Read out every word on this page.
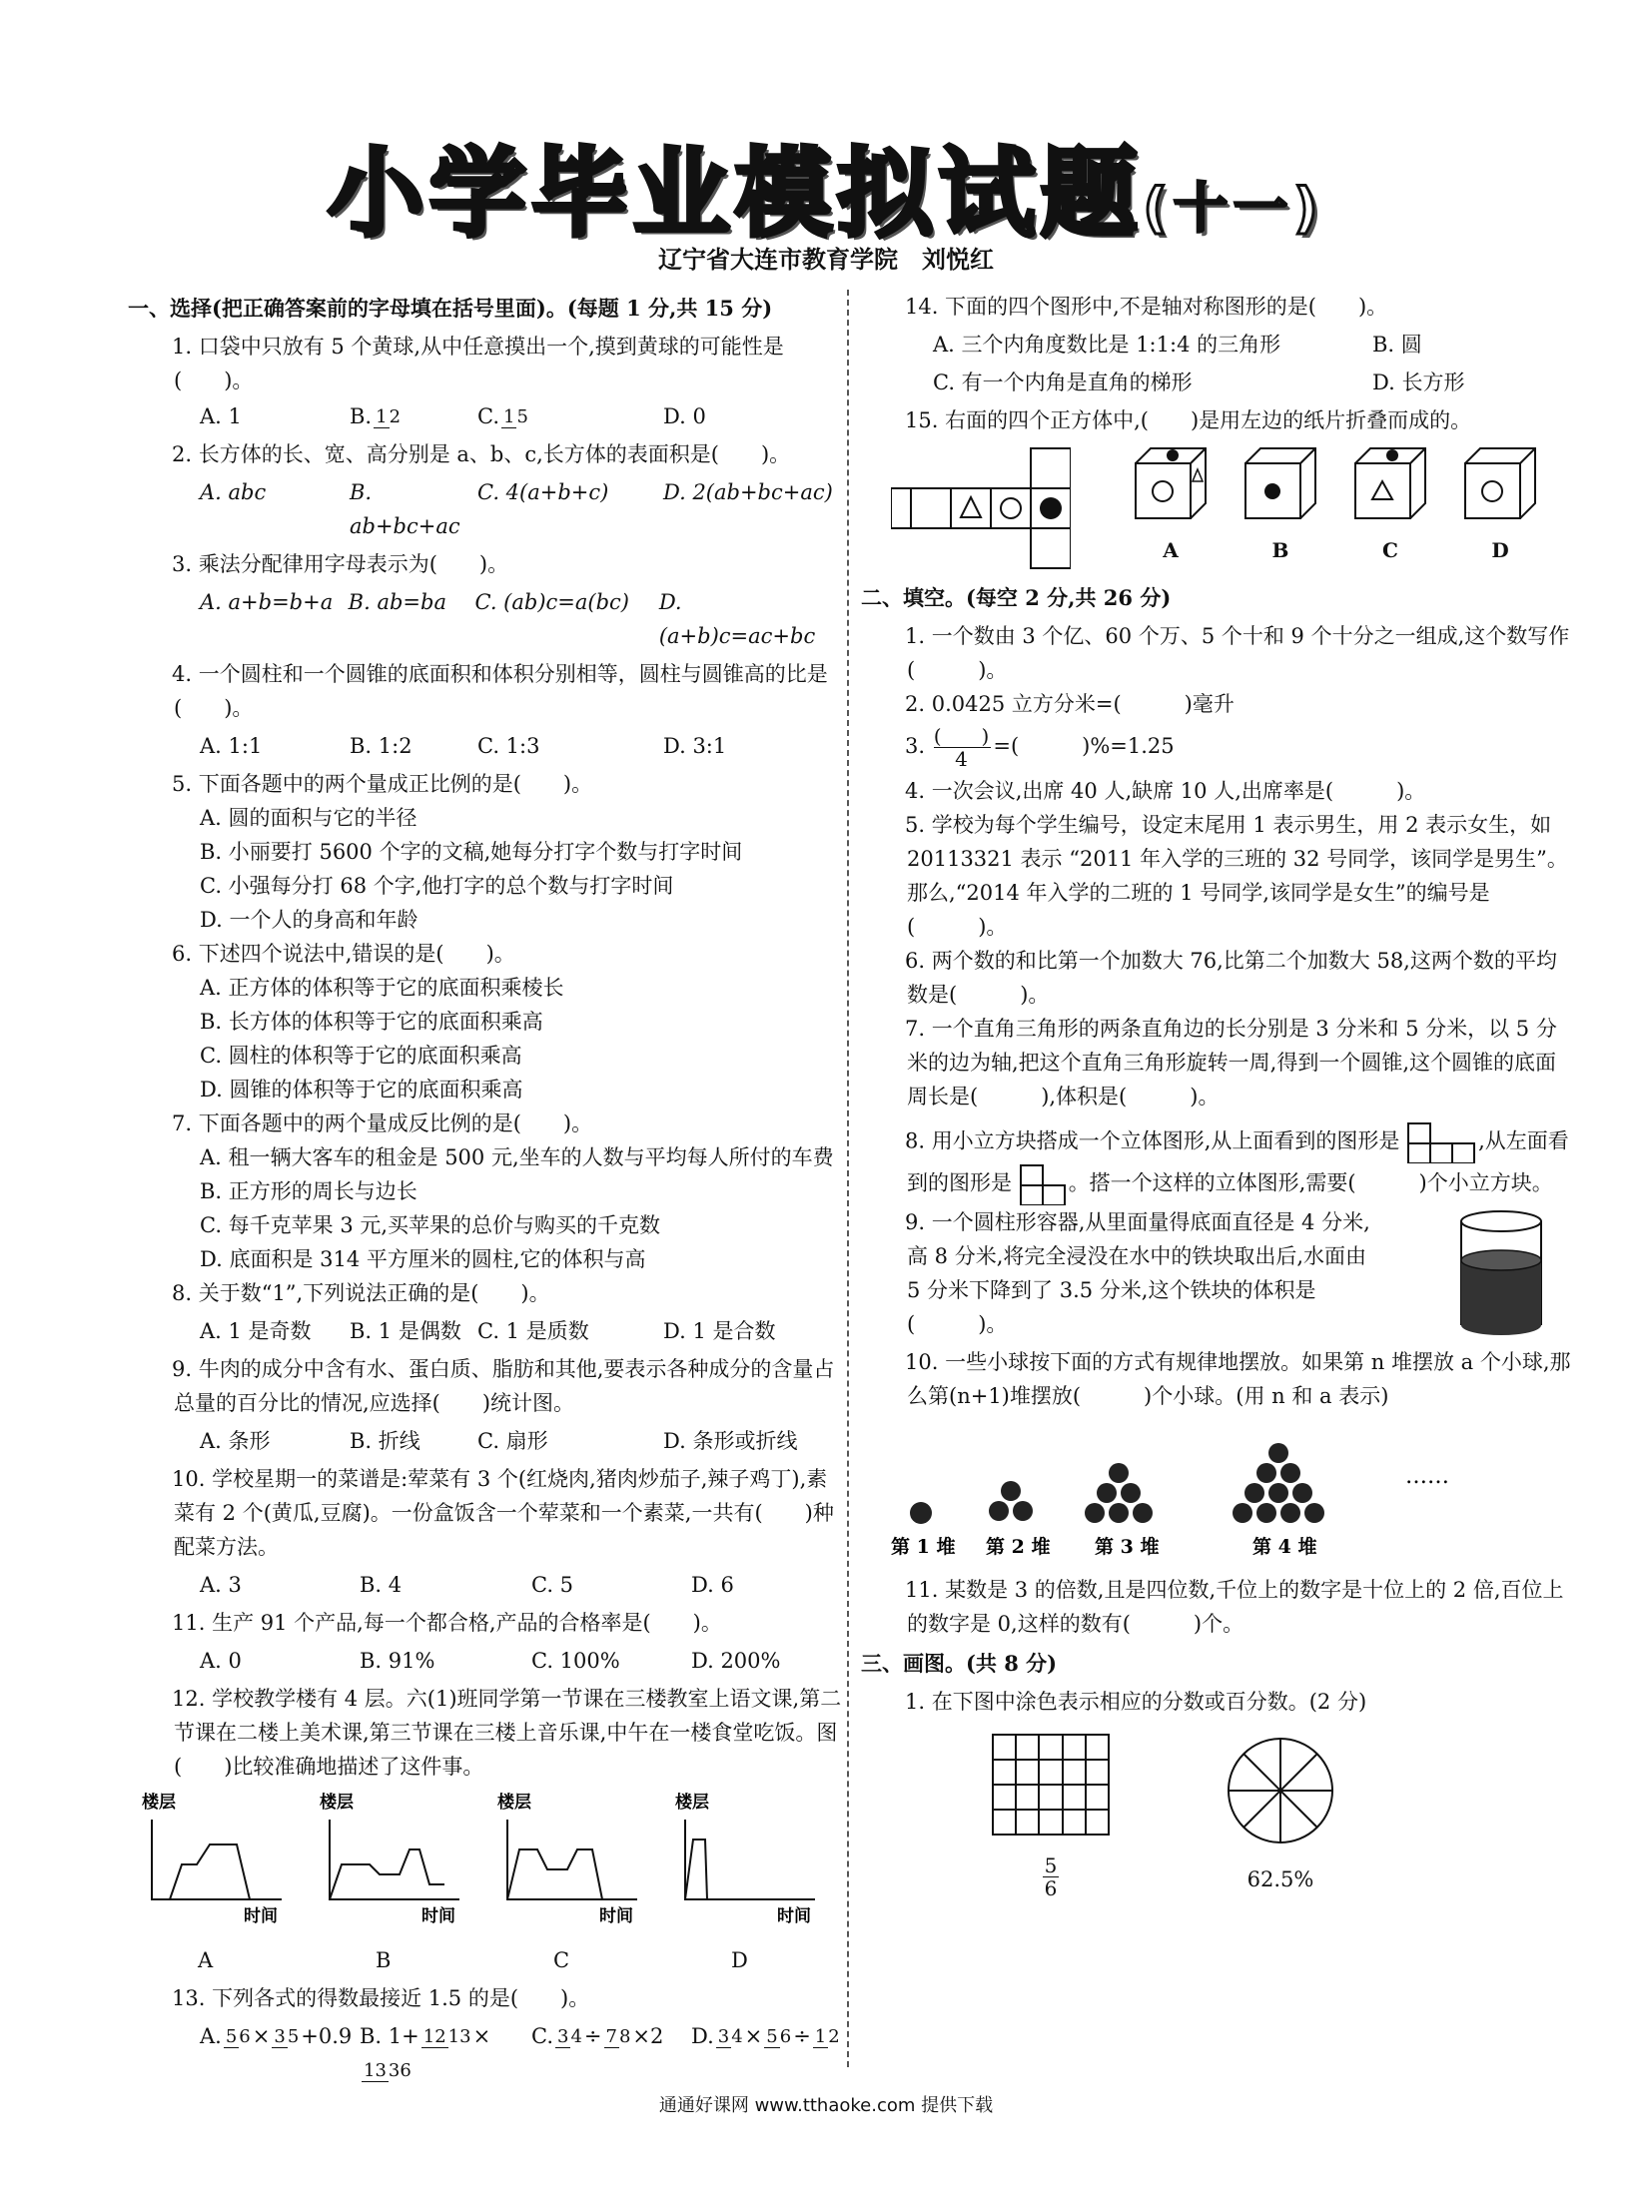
小学毕业模拟试题(十一)
辽宁省大连市教育学院　刘悦红
一、选择(把正确答案前的字母填在括号里面)。(每题 1 分,共 15 分)
1. 口袋中只放有 5 个黄球,从中任意摸出一个,摸到黄球的可能性是(　　)。
A. 1	B. 1 2	C. 1 5	D. 0
2. 长方体的长、宽、高分别是 a、b、c,长方体的表面积是(　　)。
A. abc	B. ab+bc+ac
C. 4(a+b+c)	D. 2(ab+bc+ac)
3. 乘法分配律用字母表示为(　　)。
A. a+b=b+a B. ab=ba	C. (ab)c=a(bc)	D. (a+b)c=ac+bc
4. 一个圆柱和一个圆锥的底面积和体积分别相等，圆柱与圆锥高的比是(　　)。
A. 1:1	B. 1:2	C. 1:3	D. 3:1
5. 下面各题中的两个量成正比例的是(　　)。
A. 圆的面积与它的半径
B. 小丽要打 5600 个字的文稿,她每分打字个数与打字时间
C. 小强每分打 68 个字,他打字的总个数与打字时间
D. 一个人的身高和年龄
6. 下述四个说法中,错误的是(　　)。
A. 正方体的体积等于它的底面积乘棱长
B. 长方体的体积等于它的底面积乘高
C. 圆柱的体积等于它的底面积乘高
D. 圆锥的体积等于它的底面积乘高
7. 下面各题中的两个量成反比例的是(　　)。
A. 租一辆大客车的租金是 500 元,坐车的人数与平均每人所付的车费
B. 正方形的周长与边长
C. 每千克苹果 3 元,买苹果的总价与购买的千克数
D. 底面积是 314 平方厘米的圆柱,它的体积与高
8. 关于数“1”,下列说法正确的是(　　)。
A. 1 是奇数	B. 1 是偶数 C. 1 是质数	D. 1 是合数
9. 牛肉的成分中含有水、蛋白质、脂肪和其他,要表示各种成分的含量占总量的百分比的情况,应选择(　　)统计图。
A. 条形	B. 折线	C. 扇形	D. 条形或折线
10. 学校星期一的菜谱是:荤菜有 3 个(红烧肉,猪肉炒茄子,辣子鸡丁),素菜有 2 个(黄瓜,豆腐)。一份盒饭含一个荤菜和一个素菜,一共有(　　)种配菜方法。
A. 3	B. 4	C. 5	D. 6
11. 生产 91 个产品,每一个都合格,产品的合格率是(　　)。
A. 0	B. 91%	C. 100%	D. 200%
12. 学校教学楼有 4 层。六(1)班同学第一节课在三楼教室上语文课,第二节课在二楼上美术课,第三节课在三楼上音乐课,中午在一楼食堂吃饭。图(　　)比较准确地描述了这件事。
楼层
时间
楼层
时间
楼层
时间
楼层
时间
A	B	C	D
13. 下列各式的得数最接近 1.5 的是(　　)。
A. 5 6× 3 5+0.9 B. 1+ 12 13×13 36
C. 3 4÷ 7 8×2	D. 3 4× 5 6÷ 1 2
14. 下面的四个图形中,不是轴对称图形的是(　　)。
A. 三个内角度数比是 1:1:4 的三角形	B. 圆
C. 有一个内角是直角的梯形	D. 长方形
15. 右面的四个正方体中,(　　)是用左边的纸片折叠而成的。
A	B	C	D
二、填空。(每空 2 分,共 26 分)
1. 一个数由 3 个亿、60 个万、5 个十和 9 个十分之一组成,这个数写作(　　　)。
2. 0.0425 立方分米=(　　　)毫升
3. $\frac{( )}{4}$ =(　　　)%=1.25
4. 一次会议,出席 40 人,缺席 10 人,出席率是(　　　)。
5. 学校为每个学生编号，设定末尾用 1 表示男生，用 2 表示女生，如 20113321 表示 “2011 年入学的三班的 32 号同学，该同学是男生”。那么,“2014 年入学的二班的 1 号同学,该同学是女生”的编号是(　　　)。
6. 两个数的和比第一个加数大 76,比第二个加数大 58,这两个数的平均数是(　　　)。
7. 一个直角三角形的两条直角边的长分别是 3 分米和 5 分米，以 5 分米的边为轴,把这个直角三角形旋转一周,得到一个圆锥,这个圆锥的底面周长是(　　　),体积是(　　　)。
8. 用小立方块搭成一个立体图形,从上面看到的图形是	,从左面看到的图形是	。搭一个这样的立体图形,需要(　　　)个小立方块。
9. 一个圆柱形容器,从里面量得底面直径是 4 分米,高 8 分米,将完全浸没在水中的铁块取出后,水面由 5 分米下降到了 3.5 分米,这个铁块的体积是(　　　)。
10. 一些小球按下面的方式有规律地摆放。如果第 n 堆摆放 a 个小球,那么第(n+1)堆摆放(　　　)个小球。(用 n 和 a 表示)
……
第 1 堆 第 2 堆 第 3 堆	第 4 堆
11. 某数是 3 的倍数,且是四位数,千位上的数字是十位上的 2 倍,百位上的数字是 0,这样的数有(　　　)个。
三、画图。(共 8 分)
1. 在下图中涂色表示相应的分数或百分数。(2 分)
$\frac{5}{6}$	62.5%
通通好课网 www.tthaoke.com 提供下载
